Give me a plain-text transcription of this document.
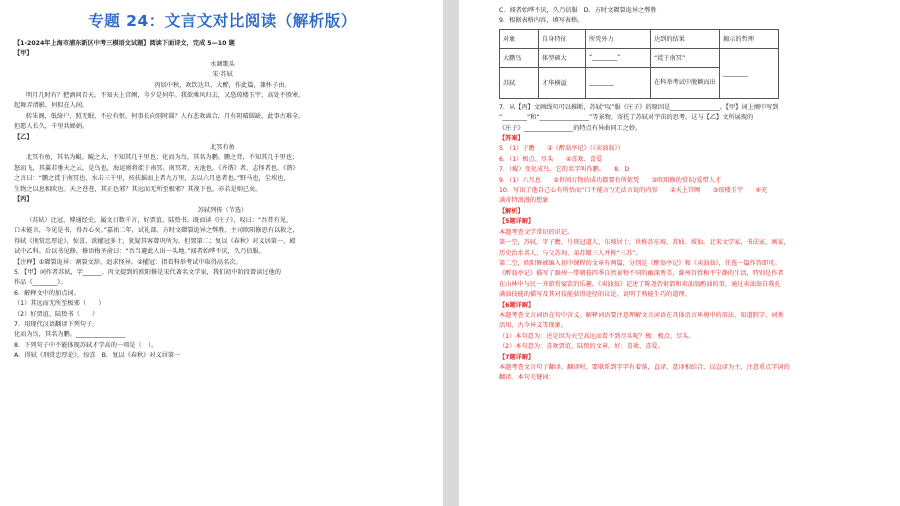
专题 24：文言文对比阅读（解析版）
【1-2024年上海市浦东新区中考三模语文试题】阅读下面诗文，完成 5—10 题
【甲】
水调歌头
宋·苏轼
丙辰中秋，欢饮达旦，大醉，作此篇，兼怀子由。
明月几时有？把酒问青天。不知天上宫阙，今夕是何年。我欲乘风归去，又恐琼楼玉宇，高处不胜寒。
起舞弄清影，何似在人间。
转朱阁，低绮户，照无眠。不应有恨，何事长向别时圆？人有悲欢离合，月有阴晴圆缺，此事古难全。
但愿人长久，千里共婵娟。
【乙】
北冥有鱼
北冥有鱼，其名为鲲。鲲之大，不知其几千里也；化而为鸟，其名为鹏。鹏之背，不知其几千里也；
怒而飞，其翼若垂天之云。是鸟也，海运则将徙于南冥。南冥者，天池也。《齐谐》者，志怪者也。《谐》
之言曰：“鹏之徙于南冥也，水击三千里，抟扶摇而上者九万里，去以六月息者也。”野马也，尘埃也，
生物之以息相吹也。天之苍苍，其正色邪？其远而无所至极邪？其视下也，亦若是则已矣。
【丙】
苏轼列传（节选）
（苏轼）比冠，博通经史，属文日数千言，好贾谊、陆贽书。既而读《庄子》，叹曰：“吾昔有见，
口未能言，今见是书，得吾心矣。”嘉祐二年，试礼部。方时文磔裂诡异之弊胜，主司欧阳修思有以救之，
得轼《刑赏忠厚论》，惊喜，欲擢冠多士，犹疑其客曾巩所为，但置第二；复以《春秋》对义居第一，殿
试中乙科。后以书见修，修语梅圣俞曰：“吾当避此人出一头地。”闻者始哗不厌，久乃信服。
【注释】①磔裂诡异：割裂文辞，追求怪异。②擢冠：指看科举考试中取得高名次。
5．【甲】词作者苏轼，字______。丙文提到的欧阳修是宋代著名文学家，我们初中阶段曾读过他的
作品《________》。
6．解释文中的加点词。
（1）其远而无所至极邪（　　）
（2）好贾谊、陆贽书（　　）
7．用现代汉语翻译下列句子。
化而为鸟，其名为鹏。________________
8．下列句子中不能体现苏轼才学高的一项是（　）。
A．得轼《刑赏忠厚论》，惊喜　B．复以《春秋》对义居第一
C．闻者始哗不厌，久乃信服　D．方时文磔裂诡异之弊胜
9．根据表格内容，填写表格。
对象	自身特征	所凭外力	达到的结果	揭示的哲理
大鹏鸟	体型硕大	“________”	“徙于南冥”	________
苏轼	才华横溢	________	在科举考试中脱颖而出	
7．从【丙】文画线句可以推断，苏轼“叹”服《庄子》的原因是________________。【甲】词上阕中写到
“________”和“________________”等景物，寄托了苏轼对宇宙的思考。这与【乙】文所展现的
《庄子》________________的特点有异曲同工之妙。
【答案】
5．（1）子瞻　　②《醉翁亭记》（《卖油翁》）
6．（1）极点、尽头　　②喜欢、喜爱
7．（鲲）变化成鸟，它的名字叫作鹏。　　8．D
9．（1）六月息　　②世间万物的成功都要有所依凭　　③欧阳修的赏识/爱惜人才
10．写出了他自己心有所悟而“口不能言”/无法言说的内容　　②天上宫阙　　③琼楼玉宇　　④充
满奇特浪漫的想象
【解析】
【5题详解】
本题考查文学常识的识记。
第一空，苏轼，字子瞻，号铁冠道人、东坡居士，世称苏东坡、苏仙、坡仙。北宋文学家，书法家，画家，
历史治水名人，与父苏洵、弟苏辙三人并称“三苏”。
第二空，欧阳修被编入初中课程的文章有两篇，分别是《醉翁亭记》和《卖油翁》，任选一篇作答即可。
《醉翁亭记》描写了滁州一带朝暮四季自然景物不同的幽深秀美，滁州百姓和平宁静的生活，特别是作者
在山林中与民一齐游赏宴饮的乐趣。《卖油翁》记述了陈尧咨射箭和卖油翁酌油的事，通过卖油翁自我孔
满油技能的描写及其对技能获得途径的议论，说明了熟能生巧的道理。
【6题详解】
本题考查文言词语在句中含义。解释词语要注意理解文言词语在具体语言环境中的用法，知道假字、词类
活用、古今异义等现象。
（1）本句意为：还是因为天空高远而看不到尽头呢？极：极点、尽头。
（2）本句意为：喜欢贾谊、陆贽的文章。好：喜欢、喜爱。
【7题详解】
本题考查文言句子翻译。翻译时，要联系到字字有着落，直译、意译相结合，以直译为主，注意重点字词的
翻译。本句关键词：
